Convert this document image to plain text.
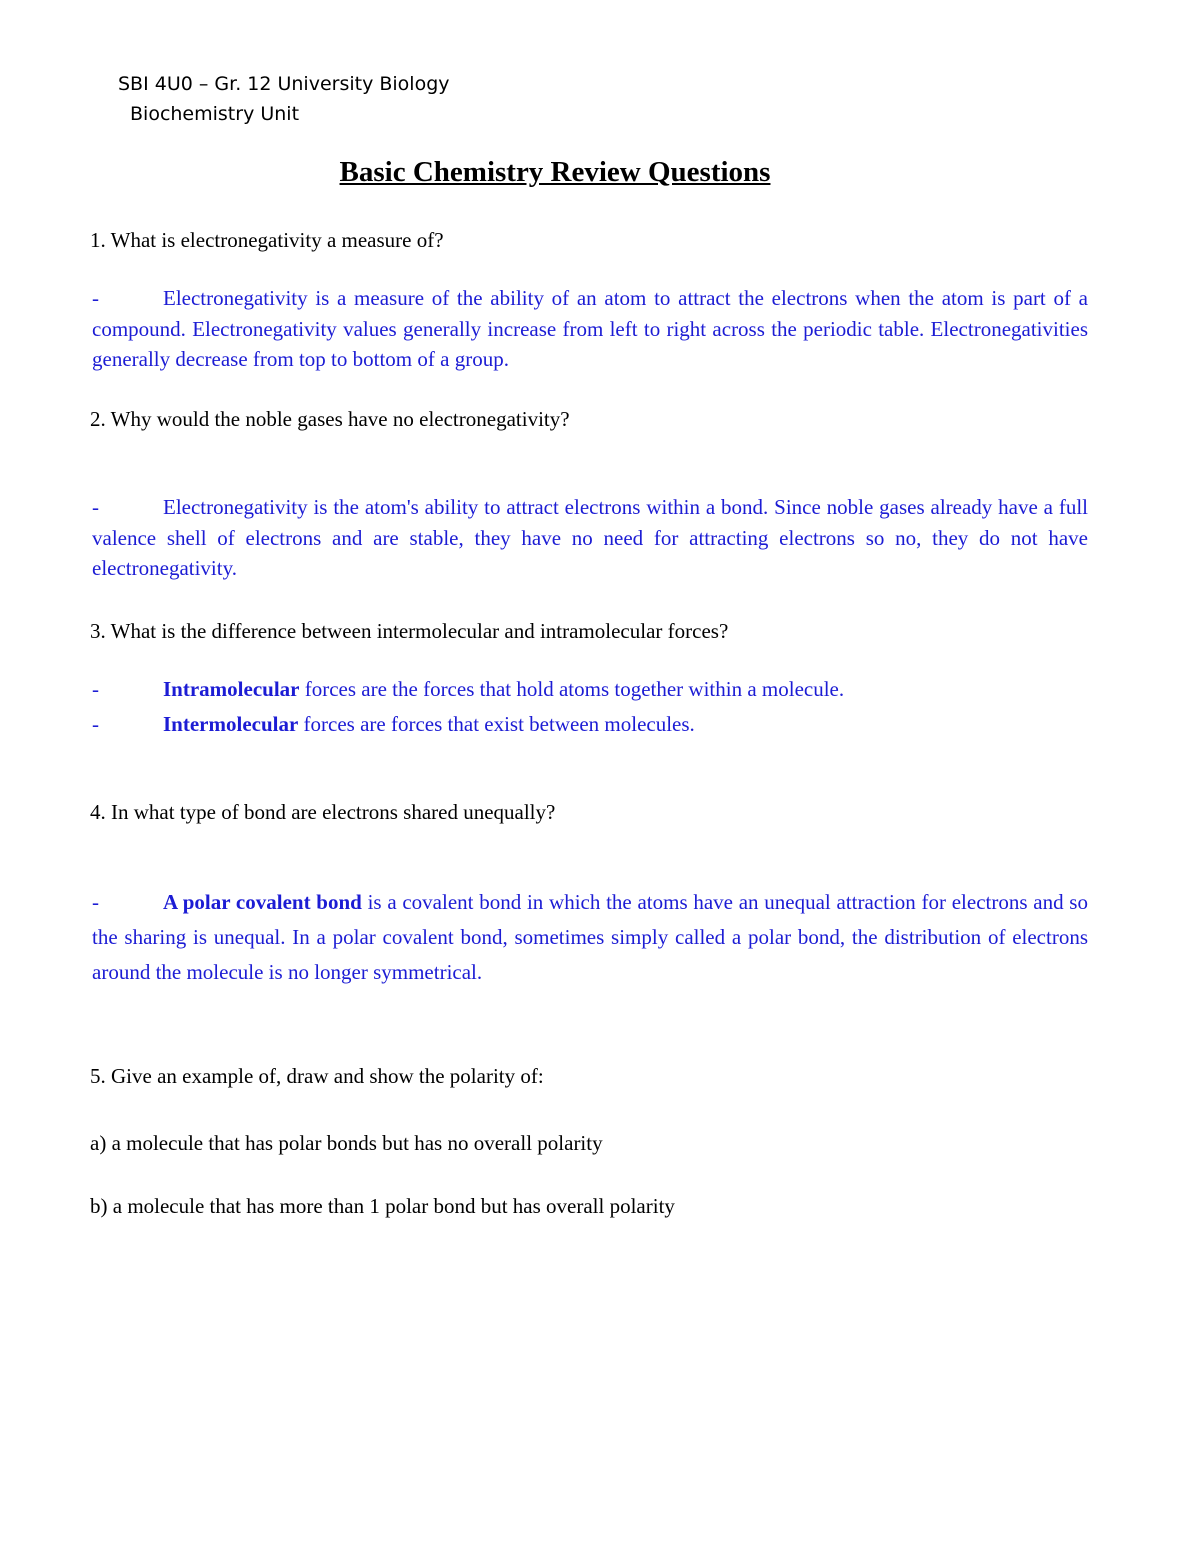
SBI 4U0 – Gr. 12 University Biology
Biochemistry Unit
Basic Chemistry Review Questions
1. What is electronegativity a measure of?
-	Electronegativity is a measure of the ability of an atom to attract the electrons when the atom is part of a compound. Electronegativity values generally increase from left to right across the periodic table. Electronegativities generally decrease from top to bottom of a group.
2. Why would the noble gases have no electronegativity?
-	Electronegativity is the atom's ability to attract electrons within a bond. Since noble gases already have a full valence shell of electrons and are stable, they have no need for attracting electrons so no, they do not have electronegativity.
3. What is the difference between intermolecular and intramolecular forces?
-	Intramolecular forces are the forces that hold atoms together within a molecule.
-	Intermolecular forces are forces that exist between molecules.
4. In what type of bond are electrons shared unequally?
-	A polar covalent bond is a covalent bond in which the atoms have an unequal attraction for electrons and so the sharing is unequal. In a polar covalent bond, sometimes simply called a polar bond, the distribution of electrons around the molecule is no longer symmetrical.
5. Give an example of, draw and show the polarity of:
a) a molecule that has polar bonds but has no overall polarity
b) a molecule that has more than 1 polar bond but has overall polarity
